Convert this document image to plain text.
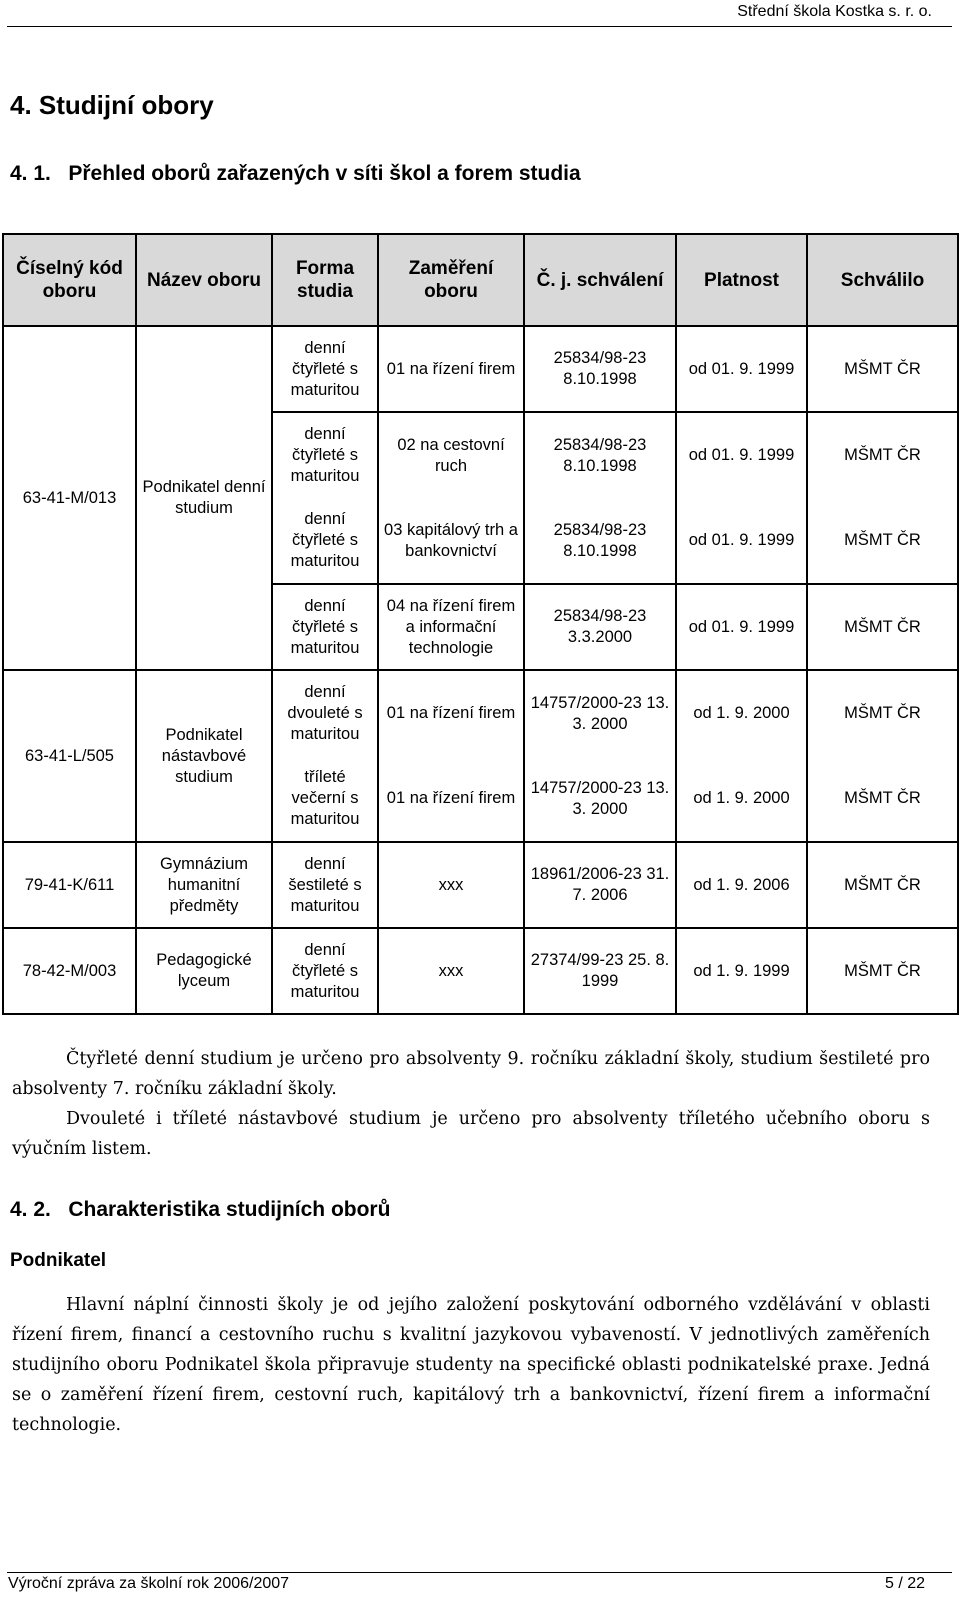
Střední škola Kostka s. r. o.
4. Studijní obory
4. 1.   Přehled oborů zařazených v síti škol a forem studia
Číselný kód oboru	Název oboru	Forma studia	Zaměření oboru	Č. j. schválení	Platnost	Schválilo
63-41-M/013	Podnikatel denní studium	denní čtyřleté s maturitou	01 na řízení firem	25834/98-23 8.10.1998	od 01. 9. 1999	MŠMT ČR
		denní čtyřleté s maturitou	02 na cestovní ruch	25834/98-23 8.10.1998	od 01. 9. 1999	MŠMT ČR
		denní čtyřleté s maturitou	03 kapitálový trh a bankovnictví	25834/98-23 8.10.1998	od 01. 9. 1999	MŠMT ČR
		denní čtyřleté s maturitou	04 na řízení firem a informační technologie	25834/98-23 3.3.2000	od 01. 9. 1999	MŠMT ČR
63-41-L/505	Podnikatel nástavbové studium	denní dvouleté s maturitou	01 na řízení firem	14757/2000-23 13. 3. 2000	od 1. 9. 2000	MŠMT ČR
		tříleté večerní s maturitou	01 na řízení firem	14757/2000-23 13. 3. 2000	od 1. 9. 2000	MŠMT ČR
79-41-K/611	Gymnázium humanitní předměty	denní šestileté s maturitou	xxx	18961/2006-23 31. 7. 2006	od 1. 9. 2006	MŠMT ČR
78-42-M/003	Pedagogické lyceum	denní čtyřleté s maturitou	xxx	27374/99-23 25. 8. 1999	od 1. 9. 1999	MŠMT ČR
Čtyřleté denní studium je určeno pro absolventy 9. ročníku základní školy, studium šestileté pro absolventy 7. ročníku základní školy.
Dvouleté i tříleté nástavbové studium je určeno pro absolventy tříletého učebního oboru s výučním listem.
4. 2.   Charakteristika studijních oborů
Podnikatel
Hlavní náplní činnosti školy je od jejího založení poskytování odborného vzdělávání v oblasti řízení firem, financí a cestovního ruchu s kvalitní jazykovou vybaveností. V jednotlivých zaměřeních studijního oboru Podnikatel škola připravuje studenty na specifické oblasti podnikatelské praxe. Jedná se o zaměření řízení firem, cestovní ruch, kapitálový trh a bankovnictví, řízení firem a informační technologie.
Výroční zpráva za školní rok 2006/2007	5 / 22
